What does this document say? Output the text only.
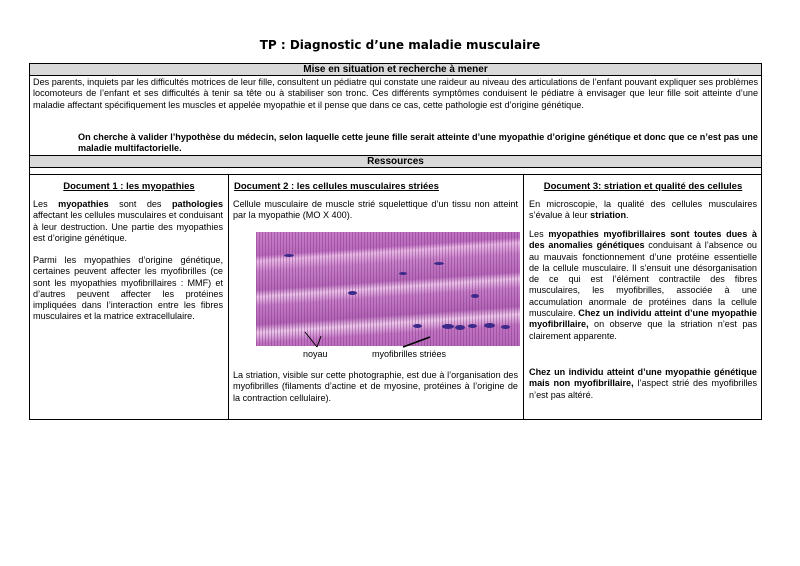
TP : Diagnostic d’une maladie musculaire
Mise en situation et recherche à mener

Des parents, inquiets par les difficultés motrices de leur fille, consultent un pédiatre qui constate une raideur au niveau des articulations de l’enfant pouvant expliquer ses problèmes locomoteurs de l’enfant et ses difficultés à tenir sa tête ou à stabiliser son tronc. Ces différents symptômes conduisent le pédiatre à envisager que leur fille soit atteinte d’une maladie affectant spécifiquement les muscles et appelée myopathie et il pense que dans ce cas, cette pathologie est d’origine génétique.

On cherche à valider l’hypothèse du médecin, selon laquelle cette jeune fille serait atteinte d’une myopathie d’origine génétique et donc que ce n’est pas une maladie multifactorielle.

Ressources
Document 1 : les myopathies

Les myopathies sont des pathologies affectant les cellules musculaires et conduisant à leur destruction. Une partie des myopathies est d’origine génétique.

Parmi les myopathies d’origine génétique, certaines peuvent affecter les myofibrilles (ce sont les myopathies myofibrillaires : MMF) et d’autres peuvent affecter les protéines impliquées dans l’interaction entre les fibres musculaires et la matrice extracellulaire.

Document 2 : les cellules musculaires striées

Cellule musculaire de muscle strié squelettique d’un tissu non atteint par la myopathie (MO X 400).

noyau	myofibrilles striées

La striation, visible sur cette photographie, est due à l’organisation des myofibrilles (filaments d’actine et de myosine, protéines à l’origine de la contraction cellulaire).

Document 3: striation et qualité des cellules

En microscopie, la qualité des cellules musculaires s’évalue à leur striation.

Les myopathies myofibrillaires sont toutes dues à des anomalies génétiques conduisant à l’absence ou au mauvais fonctionnement d’une protéine essentielle de la cellule musculaire. Il s’ensuit une désorganisation de ce qui est l’élément contractile des fibres musculaires, les myofibrilles, associée à une accumulation anormale de protéines dans la cellule musculaire. Chez un individu atteint d’une myopathie myofibrillaire, on observe que la striation n’est pas clairement apparente.

Chez un individu atteint d’une myopathie génétique mais non myofibrillaire, l’aspect strié des myofibrilles n’est pas altéré.
